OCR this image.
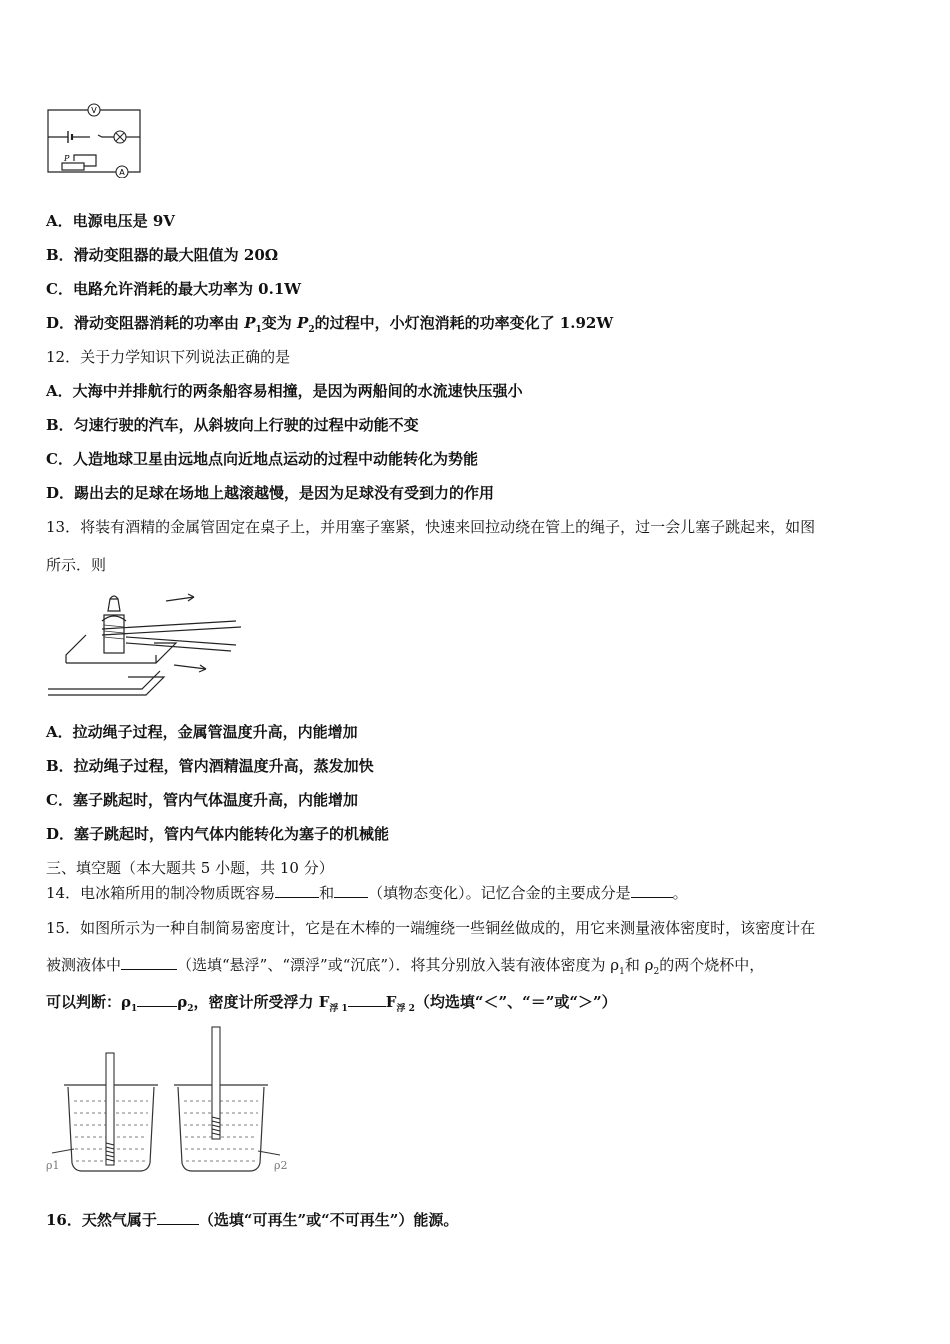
V
A
P
A．电源电压是 9V
B．滑动变阻器的最大阻值为 20Ω
C．电路允许消耗的最大功率为 0.1W
D．滑动变阻器消耗的功率由 $P_1$变为 $P_2$的过程中，小灯泡消耗的功率变化了 1.92W
12．关于力学知识下列说法正确的是
A．大海中并排航行的两条船容易相撞，是因为两船间的水流速快压强小
B．匀速行驶的汽车，从斜坡向上行驶的过程中动能不变
C．人造地球卫星由远地点向近地点运动的过程中动能转化为势能
D．踢出去的足球在场地上越滚越慢，是因为足球没有受到力的作用
13．将装有酒精的金属管固定在桌子上，并用塞子塞紧，快速来回拉动绕在管上的绳子，过一会儿塞子跳起来，如图
所示．则
A．拉动绳子过程，金属管温度升高，内能增加
B．拉动绳子过程，管内酒精温度升高，蒸发加快
C．塞子跳起时，管内气体温度升高，内能增加
D．塞子跳起时，管内气体内能转化为塞子的机械能
三、填空题（本大题共 5 小题，共 10 分）
14．电冰箱所用的制冷物质既容易	和 （填物态变化）。记忆合金的主要成分是	。
15．如图所示为一种自制简易密度计，它是在木棒的一端缠绕一些铜丝做成的，用它来测量液体密度时，该密度计在
被测液体中	（选填“悬浮”、“漂浮”或“沉底”）．将其分别放入装有液体密度为 $\rho_1$和 $\rho_2$的两个烧杯中，
可以判断：$\rho_1$	$\rho_2$，密度计所受浮力 $F_{浮 1}$	$F_{浮 2}$（均选填“＜”、“＝”或“＞”）
ρ1	ρ2
16．天然气属于	（选填“可再生”或“不可再生”）能源。
